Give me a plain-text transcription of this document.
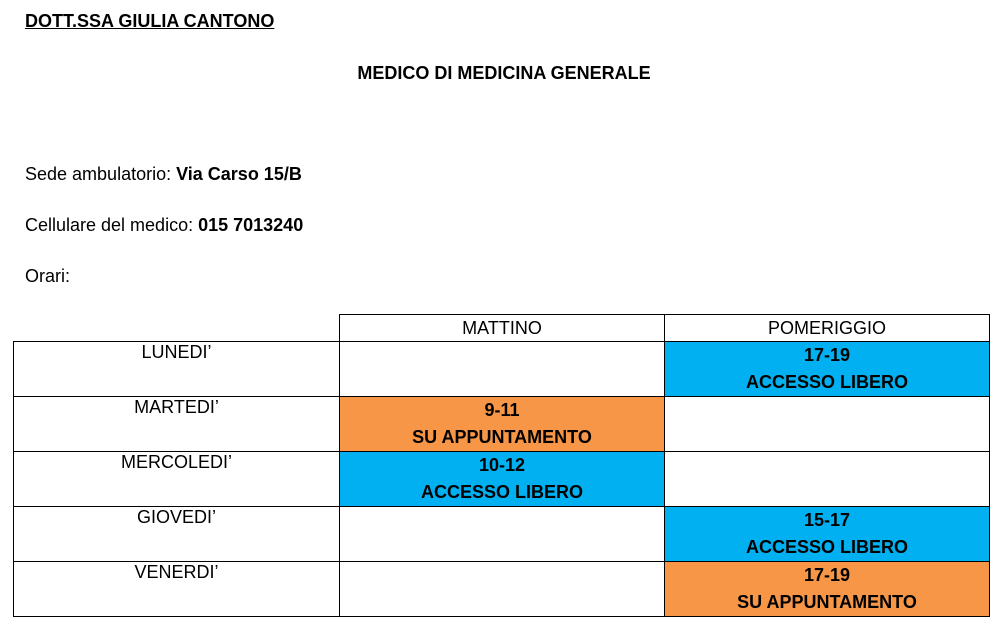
DOTT.SSA GIULIA CANTONO
MEDICO DI MEDICINA GENERALE
Sede ambulatorio: Via Carso 15/B
Cellulare del medico: 015 7013240
Orari:
	MATTINO	POMERIGGIO
LUNEDI’		17-19
ACCESSO LIBERO

MARTEDI’	9-11
SU APPUNTAMENTO	

MERCOLEDI’	10-12
ACCESSO LIBERO	

GIOVEDI’		15-17
ACCESSO LIBERO

VENERDI’		17-19
SU APPUNTAMENTO
